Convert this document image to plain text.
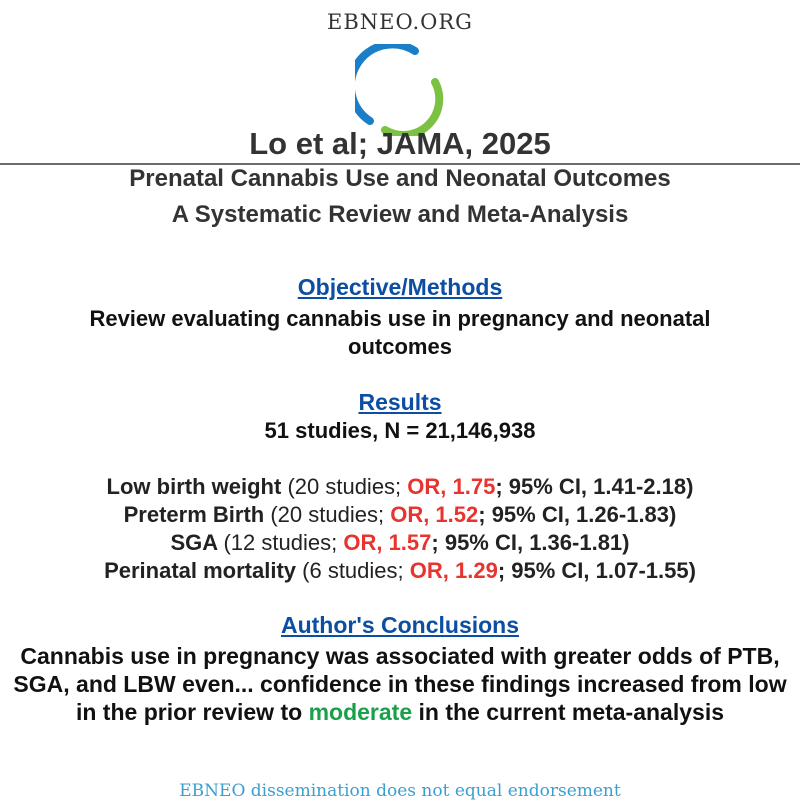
EBNEO.ORG
Lo et al; JAMA, 2025
Prenatal Cannabis Use and Neonatal Outcomes
A Systematic Review and Meta-Analysis
Objective/Methods
Review evaluating cannabis use in pregnancy and neonatal
outcomes
Results
51 studies, N = 21,146,938
Low birth weight (20 studies; OR, 1.75; 95% CI, 1.41-2.18)
Preterm Birth (20 studies; OR, 1.52; 95% CI, 1.26-1.83)
SGA (12 studies; OR, 1.57; 95% CI, 1.36-1.81)
Perinatal mortality (6 studies; OR, 1.29; 95% CI, 1.07-1.55)
Author's Conclusions
Cannabis use in pregnancy was associated with greater odds of PTB,
SGA, and LBW even... confidence in these findings increased from low
in the prior review to moderate in the current meta-analysis
EBNEO dissemination does not equal endorsement
